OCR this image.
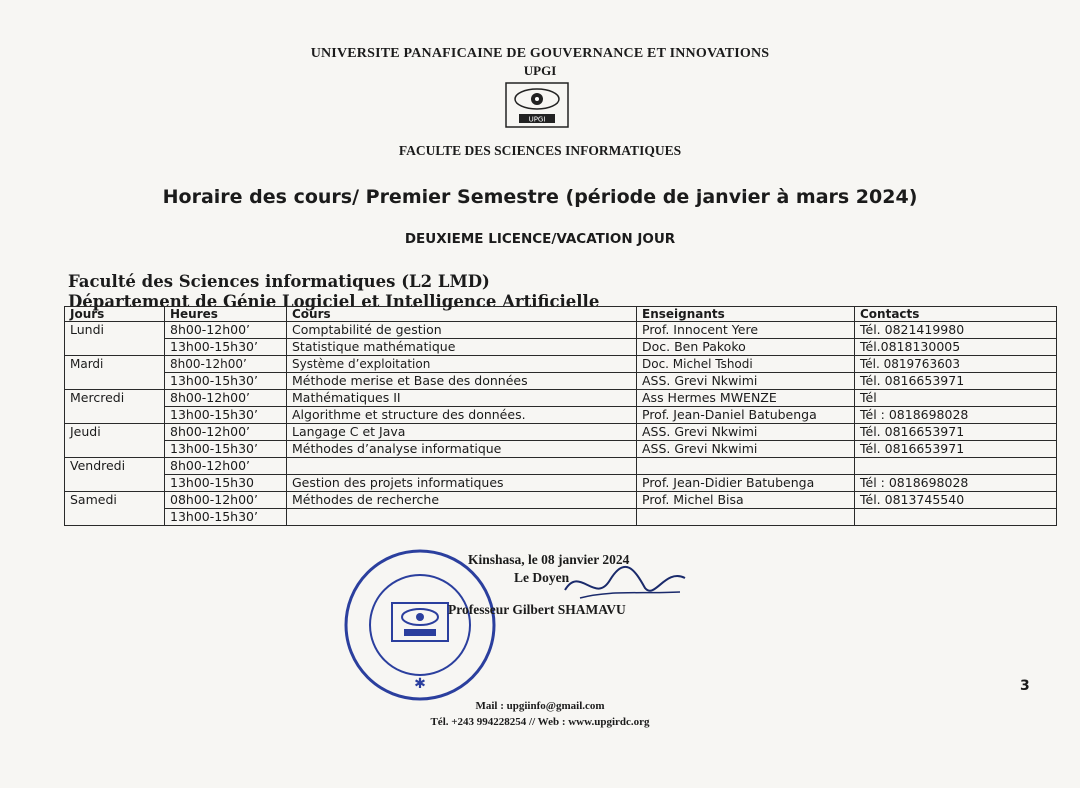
UNIVERSITE PANAFICAINE DE GOUVERNANCE ET INNOVATIONS
UPGI
UPGI
FACULTE DES SCIENCES INFORMATIQUES
Horaire des cours/ Premier Semestre (période de janvier à mars 2024)
DEUXIEME LICENCE/VACATION JOUR
Faculté des Sciences informatiques (L2 LMD)
Département de Génie Logiciel et Intelligence Artificielle
Jours	Heures	Cours	Enseignants	Contacts
Lundi	8h00-12h00’	Comptabilité de gestion	Prof. Innocent Yere	Tél. 0821419980
	13h00-15h30’	Statistique mathématique	Doc. Ben Pakoko	Tél.0818130005
Mardi	8h00-12h00’	Système d’exploitation	Doc. Michel Tshodi	Tél. 0819763603
	13h00-15h30’	Méthode merise et Base des données	ASS. Grevi Nkwimi	Tél. 0816653971
Mercredi	8h00-12h00’	Mathématiques II	Ass Hermes MWENZE	Tél
	13h00-15h30’	Algorithme et structure des données.	Prof. Jean-Daniel Batubenga	Tél : 0818698028
Jeudi	8h00-12h00’	Langage C et Java	ASS. Grevi Nkwimi	Tél. 0816653971
	13h00-15h30’	Méthodes d’analyse informatique	ASS. Grevi Nkwimi	Tél. 0816653971
Vendredi	8h00-12h00’			
	13h00-15h30	Gestion des projets informatiques	Prof. Jean-Didier Batubenga	Tél : 0818698028
Samedi	08h00-12h00’	Méthodes de recherche	Prof. Michel Bisa	Tél. 0813745540
	13h00-15h30’			
✱
Kinshasa, le 08 janvier 2024
Le Doyen
Professeur Gilbert SHAMAVU
3
Mail : upgiinfo@gmail.com
Tél. +243 994228254 // Web : www.upgirdc.org
